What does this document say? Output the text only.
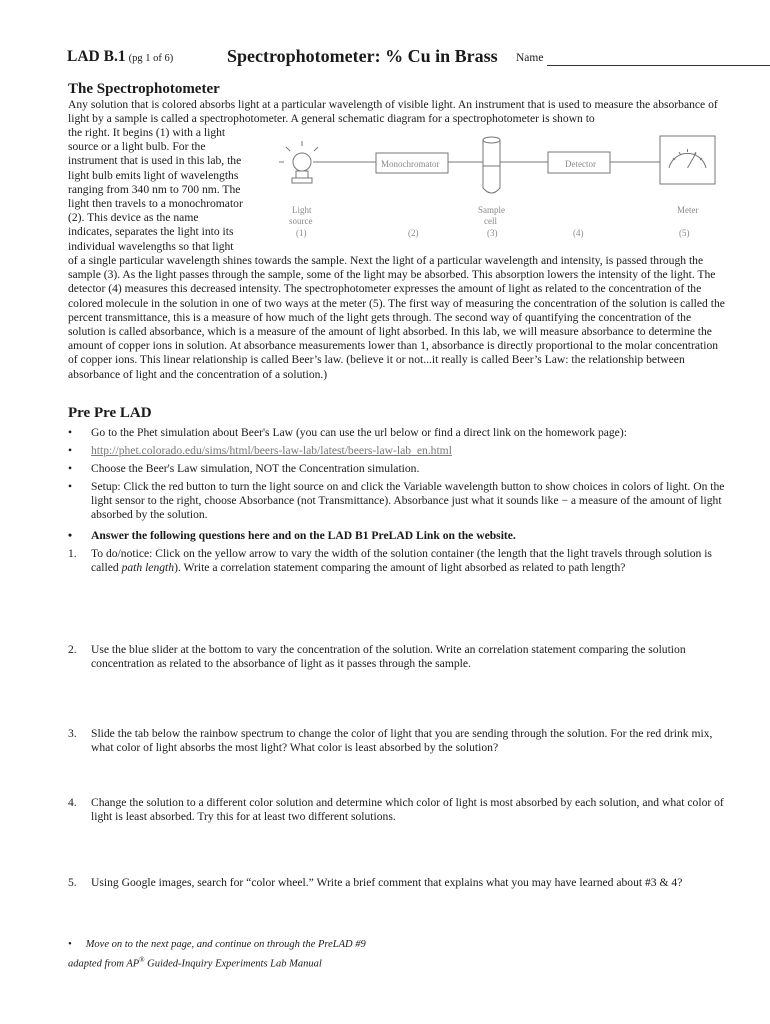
LAD B.1 (pg 1 of 6)	Spectrophotometer: % Cu in Brass Name
The Spectrophotometer
Any solution that is colored absorbs light at a particular wavelength of visible light. An instrument that is used to measure the absorbance of light by a sample is called a spectrophotometer. A general schematic diagram for a spectrophotometer is shown to
the right. It begins (1) with a light
source or a light bulb. For the
instrument that is used in this lab, the
light bulb emits light of wavelengths
ranging from 340 nm to 700 nm. The
light then travels to a monochromator
(2). This device as the name
indicates, separates the light into its
individual wavelengths so that light
Monochromator	Detector
Light
source
Sample
cell
Meter
(1)	(2)	(3)	(4)	(5)
of a single particular wavelength shines towards the sample. Next the light of a particular wavelength and intensity, is passed through the sample (3). As the light passes through the sample, some of the light may be absorbed. This absorption lowers the intensity of the light. The detector (4) measures this decreased intensity. The spectrophotometer expresses the amount of light as related to the concentration of the colored molecule in the solution in one of two ways at the meter (5). The first way of measuring the concentration of the solution is called the percent transmittance, this is a measure of how much of the light gets through. The second way of quantifying the concentration of the solution is called absorbance, which is a measure of the amount of light absorbed. In this lab, we will measure absorbance to determine the amount of copper ions in solution. At absorbance measurements lower than 1, absorbance is directly proportional to the molar concentration of copper ions. This linear relationship is called Beer’s law. (believe it or not...it really is called Beer’s Law: the relationship between absorbance of light and the concentration of a solution.)
Pre Pre LAD
•	Go to the Phet simulation about Beer's Law (you can use the url below or find a direct link on the homework page):
•	http://phet.colorado.edu/sims/html/beers-law-lab/latest/beers-law-lab_en.html
•	Choose the Beer's Law simulation, NOT the Concentration simulation.
•	Setup: Click the red button to turn the light source on and click the Variable wavelength button to show choices in colors of light. On the light sensor to the right, choose Absorbance (not Transmittance). Absorbance just what it sounds like − a measure of the amount of light absorbed by the solution.
•	Answer the following questions here and on the LAD B1 PreLAD Link on the website.
1.	To do/notice: Click on the yellow arrow to vary the width of the solution container (the length that the light travels through solution is called path length). Write a correlation statement comparing the amount of light absorbed as related to path length?
2.	Use the blue slider at the bottom to vary the concentration of the solution. Write an correlation statement comparing the solution concentration as related to the absorbance of light as it passes through the sample.
3.	Slide the tab below the rainbow spectrum to change the color of light that you are sending through the solution. For the red drink mix, what color of light absorbs the most light? What color is least absorbed by the solution?
4.	Change the solution to a different color solution and determine which color of light is most absorbed by each solution, and what color of light is least absorbed. Try this for at least two different solutions.
5.	Using Google images, search for “color wheel.” Write a brief comment that explains what you may have learned about #3 & 4?
• Move on to the next page, and continue on through the PreLAD #9
adapted from AP® Guided-Inquiry Experiments Lab Manual
